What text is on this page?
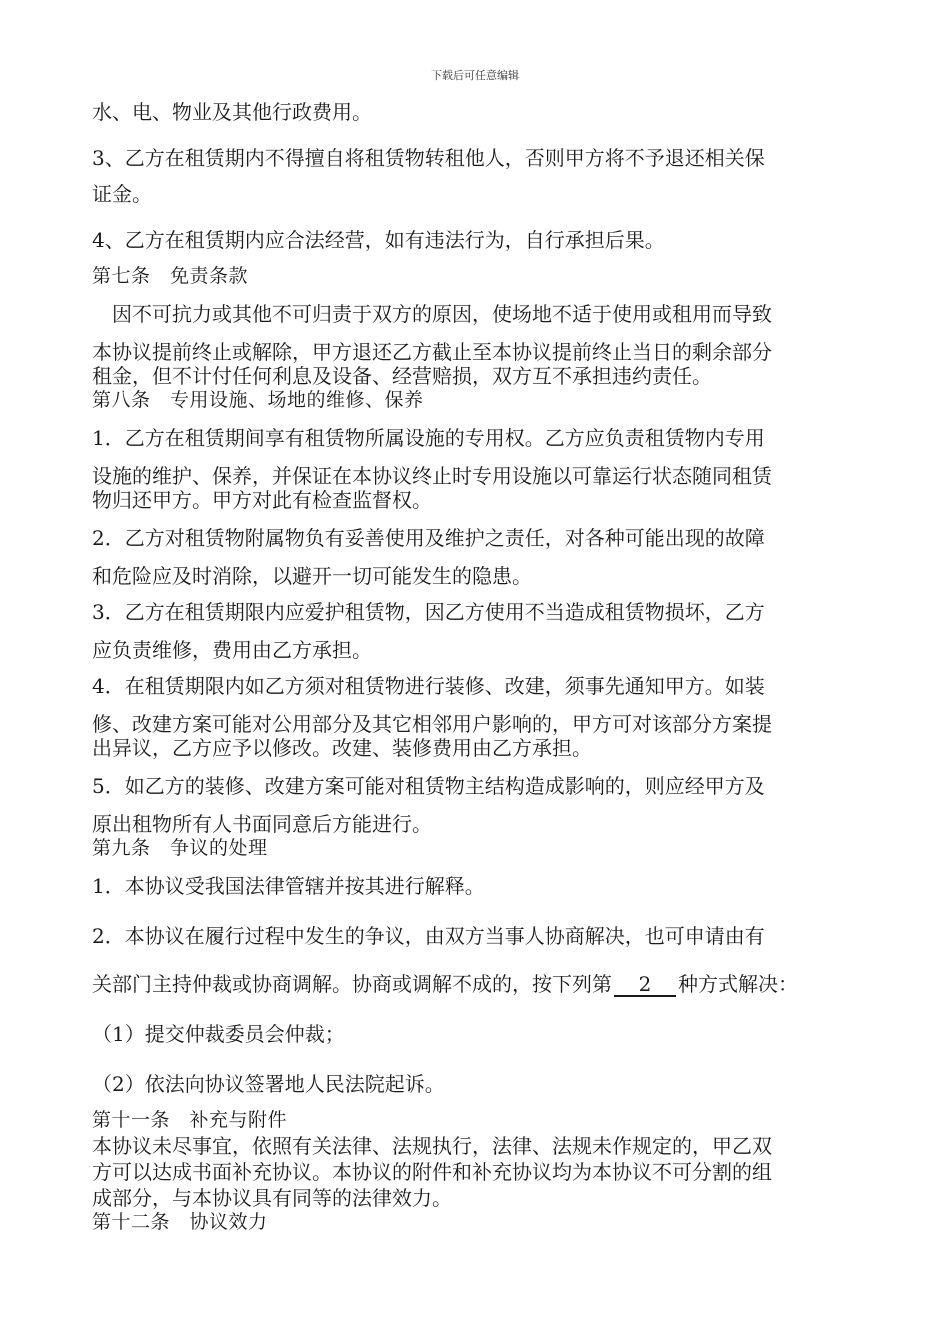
下载后可任意编辑
水、电、物业及其他行政费用。
3、乙方在租赁期内不得擅自将租赁物转租他人，否则甲方将不予退还相关保
证金。
4、乙方在租赁期内应合法经营，如有违法行为，自行承担后果。
第七条　免责条款
　因不可抗力或其他不可归责于双方的原因，使场地不适于使用或租用而导致
本协议提前终止或解除，甲方退还乙方截止至本协议提前终止当日的剩余部分
租金，但不计付任何利息及设备、经营赔损，双方互不承担违约责任。
第八条　专用设施、场地的维修、保养
1．乙方在租赁期间享有租赁物所属设施的专用权。乙方应负责租赁物内专用
设施的维护、保养，并保证在本协议终止时专用设施以可靠运行状态随同租赁
物归还甲方。甲方对此有检查监督权。
2．乙方对租赁物附属物负有妥善使用及维护之责任，对各种可能出现的故障
和危险应及时消除，以避开一切可能发生的隐患。
3．乙方在租赁期限内应爱护租赁物，因乙方使用不当造成租赁物损坏，乙方
应负责维修，费用由乙方承担。
4．在租赁期限内如乙方须对租赁物进行装修、改建，须事先通知甲方。如装
修、改建方案可能对公用部分及其它相邻用户影响的，甲方可对该部分方案提
出异议，乙方应予以修改。改建、装修费用由乙方承担。
5．如乙方的装修、改建方案可能对租赁物主结构造成影响的，则应经甲方及
原出租物所有人书面同意后方能进行。
第九条　争议的处理
1．本协议受我国法律管辖并按其进行解释。
2．本协议在履行过程中发生的争议，由双方当事人协商解决，也可申请由有
关部门主持仲裁或协商调解。协商或调解不成的，按下列第 2 种方式解决：
（1）提交仲裁委员会仲裁；
（2）依法向协议签署地人民法院起诉。
第十一条　补充与附件
本协议未尽事宜，依照有关法律、法规执行，法律、法规未作规定的，甲乙双
方可以达成书面补充协议。本协议的附件和补充协议均为本协议不可分割的组
成部分，与本协议具有同等的法律效力。
第十二条　协议效力
